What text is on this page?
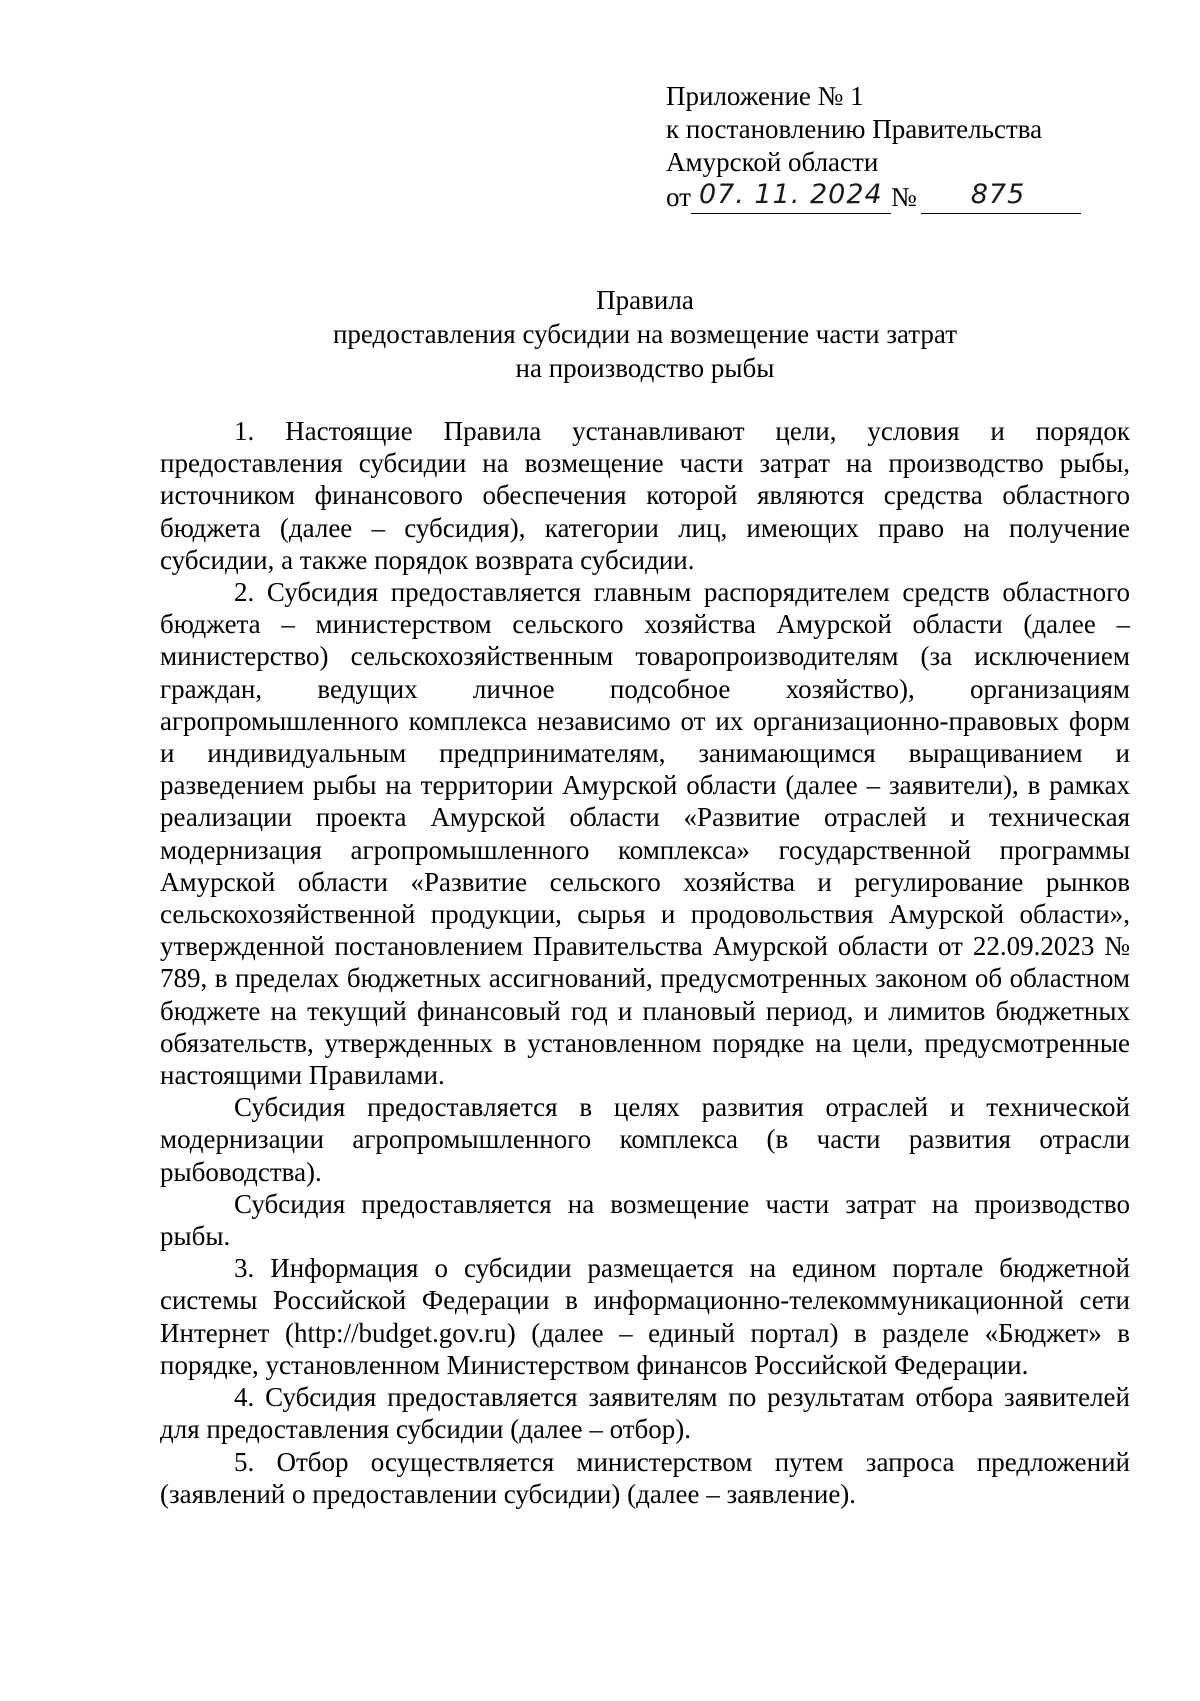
Приложение № 1
к постановлению Правительства
Амурской области
от 07. 11. 2024 № 875
Правила
предоставления субсидии на возмещение части затрат
на производство рыбы

1. Настоящие Правила устанавливают цели, условия и порядок предоставления субсидии на возмещение части затрат на производство рыбы, источником финансового обеспечения которой являются средства областного бюджета (далее – субсидия), категории лиц, имеющих право на получение субсидии, а также порядок возврата субсидии.

2. Субсидия предоставляется главным распорядителем средств областного бюджета – министерством сельского хозяйства Амурской области (далее – министерство) сельскохозяйственным товаропроизводителям (за исключением граждан, ведущих личное подсобное хозяйство), организациям агропромышленного комплекса независимо от их организационно-правовых форм и индивидуальным предпринимателям, занимающимся выращиванием и разведением рыбы на территории Амурской области (далее – заявители), в рамках реализации проекта Амурской области «Развитие отраслей и техническая модернизация агропромышленного комплекса» государственной программы Амурской области «Развитие сельского хозяйства и регулирование рынков сельскохозяйственной продукции, сырья и продовольствия Амурской области», утвержденной постановлением Правительства Амурской области от 22.09.2023 № 789, в пределах бюджетных ассигнований, предусмотренных законом об областном бюджете на текущий финансовый год и плановый период, и лимитов бюджетных обязательств, утвержденных в установленном порядке на цели, предусмотренные настоящими Правилами.

Субсидия предоставляется в целях развития отраслей и технической модернизации агропромышленного комплекса (в части развития отрасли рыбоводства).

Субсидия предоставляется на возмещение части затрат на производство рыбы.

3. Информация о субсидии размещается на едином портале бюджетной системы Российской Федерации в информационно-телекоммуникационной сети Интернет (http://budget.gov.ru) (далее – единый портал) в разделе «Бюджет» в порядке, установленном Министерством финансов Российской Федерации.

4. Субсидия предоставляется заявителям по результатам отбора заявителей для предоставления субсидии (далее – отбор).

5. Отбор осуществляется министерством путем запроса предложений (заявлений о предоставлении субсидии) (далее – заявление).
